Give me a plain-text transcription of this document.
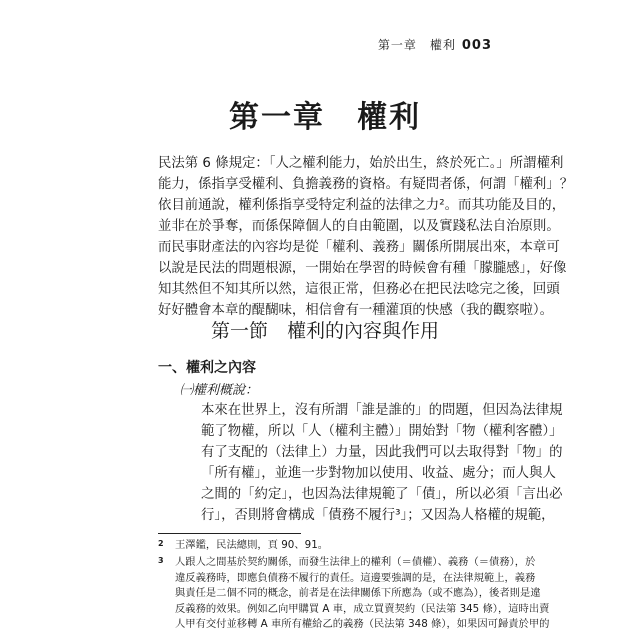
第一章　權利 003
第一章　權利
民法第 6 條規定：「人之權利能力，始於出生，終於死亡。」所謂權利
能力，係指享受權利、負擔義務的資格。有疑問者係，何謂「權利」？
依目前通說，權利係指享受特定利益的法律之力²。而其功能及目的，
並非在於爭奪，而係保障個人的自由範圍，以及實踐私法自治原則。
而民事財產法的內容均是從「權利、義務」關係所開展出來，本章可
以說是民法的問題根源，一開始在學習的時候會有種「朦朧感」，好像
知其然但不知其所以然，這很正常，但務必在把民法唸完之後，回頭
好好體會本章的醍醐味，相信會有一種灌頂的快感（我的觀察啦）。
第一節　權利的內容與作用
一、權利之內容
㈠權利概說：
本來在世界上，沒有所謂「誰是誰的」的問題，但因為法律規
範了物權，所以「人（權利主體）」開始對「物（權利客體）」
有了支配的（法律上）力量，因此我們可以去取得對「物」的
「所有權」，並進一步對物加以使用、收益、處分；而人與人
之間的「約定」，也因為法律規範了「債」，所以必須「言出必
行」，否則將會構成「債務不履行³」；又因為人格權的規範，
2 王澤鑑，民法總則，頁 90、91。
3 人跟人之間基於契約關係，而發生法律上的權利（＝債權）、義務（＝債務），於
違反義務時，即應負債務不履行的責任。這邊要強調的是，在法律規範上，義務
與責任是二個不同的概念，前者是在法律關係下所應為（或不應為），後者則是違
反義務的效果。例如乙向甲購買 A 車，成立買賣契約（民法第 345 條），這時出賣
人甲有交付並移轉 A 車所有權給乙的義務（民法第 348 條），如果因可歸責於甲的
